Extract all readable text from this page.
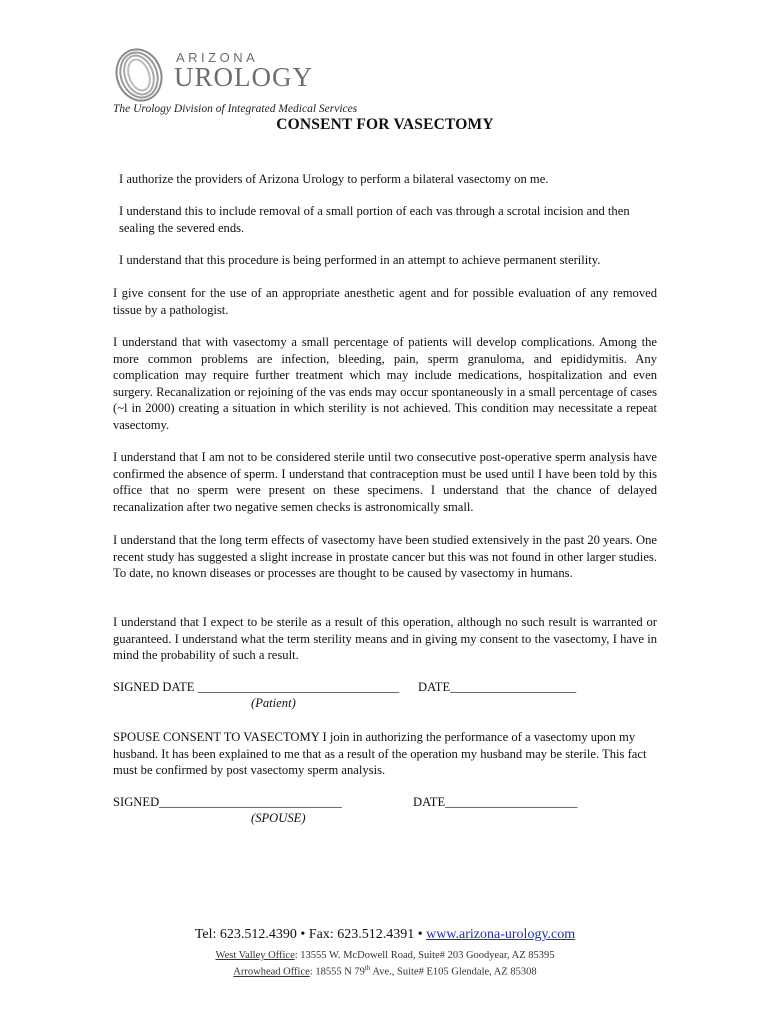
ARIZONA
UROLOGY
The Urology Division of Integrated Medical Services
CONSENT FOR VASECTOMY

I authorize the providers of Arizona Urology to perform a bilateral vasectomy on me.

I understand this to include removal of a small portion of each vas through a scrotal incision and then sealing the severed ends.

I understand that this procedure is being performed in an attempt to achieve permanent sterility.

I give consent for the use of an appropriate anesthetic agent and for possible evaluation of any removed tissue by a pathologist.

I understand that with vasectomy a small percentage of patients will develop complications. Among the more common problems are infection, bleeding, pain, sperm granuloma, and epididymitis. Any complication may require further treatment which may include medications, hospitalization and even surgery. Recanalization or rejoining of the vas ends may occur spontaneously in a small percentage of cases (~l in 2000) creating a situation in which sterility is not achieved. This condition may necessitate a repeat vasectomy.

I understand that I am not to be considered sterile until two consecutive post-operative sperm analysis have confirmed the absence of sperm. I understand that contraception must be used until I have been told by this office that no sperm were present on these specimens. I understand that the chance of delayed recanalization after two negative semen checks is astronomically small.

I understand that the long term effects of vasectomy have been studied extensively in the past 20 years. One recent study has suggested a slight increase in prostate cancer but this was not found in other larger studies. To date, no known diseases or processes are thought to be caused by vasectomy in humans.

I understand that I expect to be sterile as a result of this operation, although no such result is warranted or guaranteed. I understand what the term sterility means and in giving my consent to the vasectomy, I have in mind the probability of such a result.

SIGNED DATE ________________________________ DATE____________________
(Patient)

SPOUSE CONSENT TO VASECTOMY I join in authorizing the performance of a vasectomy upon my husband. It has been explained to me that as a result of the operation my husband may be sterile. This fact must be confirmed by post vasectomy sperm analysis.

SIGNED_____________________________	DATE_____________________
(SPOUSE)
Tel: 623.512.4390 • Fax: 623.512.4391 • www.arizona-urology.com
West Valley Office: 13555 W. McDowell Road, Suite# 203 Goodyear, AZ 85395
Arrowhead Office: 18555 N 79th Ave., Suite# E105 Glendale, AZ 85308
